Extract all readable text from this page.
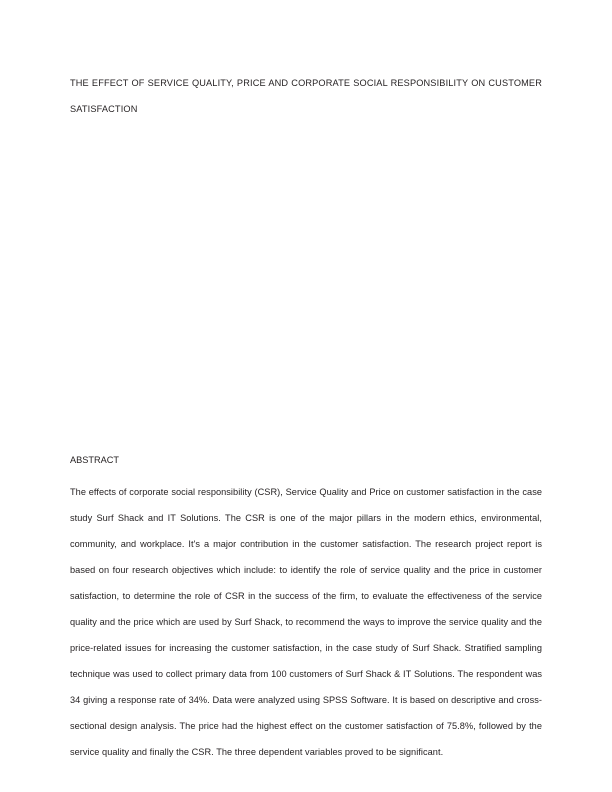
THE EFFECT OF SERVICE QUALITY, PRICE AND CORPORATE SOCIAL RESPONSIBILITY ON CUSTOMER
SATISFACTION
ABSTRACT
The effects of corporate social responsibility (CSR), Service Quality and Price on customer satisfaction in the case study Surf Shack and IT Solutions. The CSR is one of the major pillars in the modern ethics, environmental, community, and workplace. It's a major contribution in the customer satisfaction. The research project report is based on four research objectives which include: to identify the role of service quality and the price in customer satisfaction, to determine the role of CSR in the success of the firm, to evaluate the effectiveness of the service quality and the price which are used by Surf Shack, to recommend the ways to improve the service quality and the price-related issues for increasing the customer satisfaction, in the case study of Surf Shack. Stratified sampling technique was used to collect primary data from 100 customers of Surf Shack & IT Solutions. The respondent was 34 giving a response rate of 34%. Data were analyzed using SPSS Software. It is based on descriptive and cross-sectional design analysis. The price had the highest effect on the customer satisfaction of 75.8%, followed by the service quality and finally the CSR. The three dependent variables proved to be significant.
